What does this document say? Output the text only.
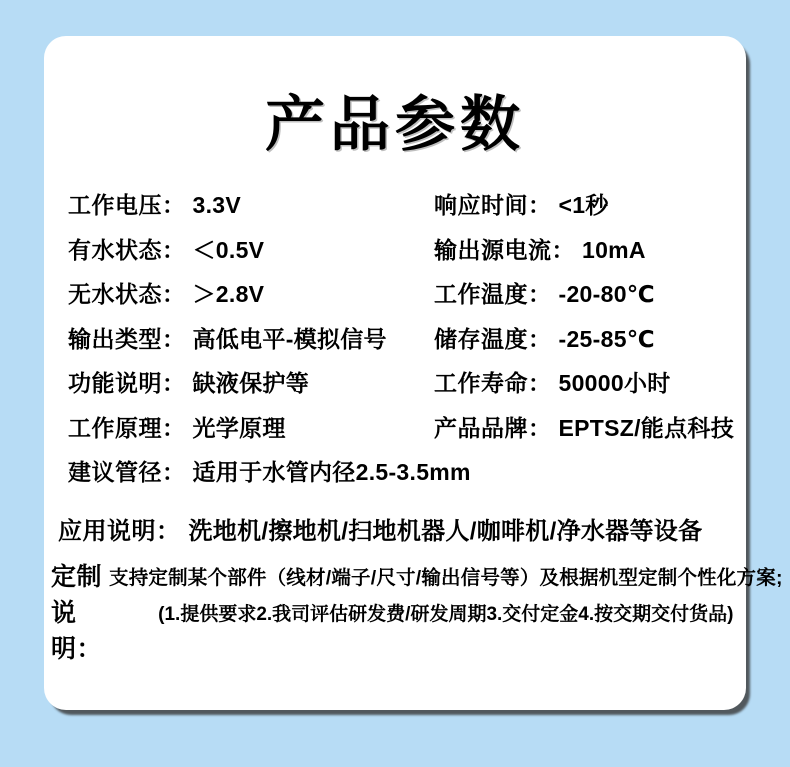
产品参数
工作电压： 3.3V
有水状态： ＜0.5V
无水状态： ＞2.8V
输出类型： 高低电平-模拟信号
功能说明： 缺液保护等
工作原理： 光学原理
建议管径： 适用于水管内径2.5-3.5mm
响应时间： <1秒
输出源电流： 10mA
工作温度： -20-80℃
储存温度： -25-85℃
工作寿命： 50000小时
产品品牌： EPTSZ/能点科技
应用说明： 洗地机/擦地机/扫地机器人/咖啡机/净水器等设备
定制说明：
支持定制某个部件（线材/端子/尺寸/输出信号等）及根据机型定制个性化方案;
(1.提供要求2.我司评估研发费/研发周期3.交付定金4.按交期交付货品)
